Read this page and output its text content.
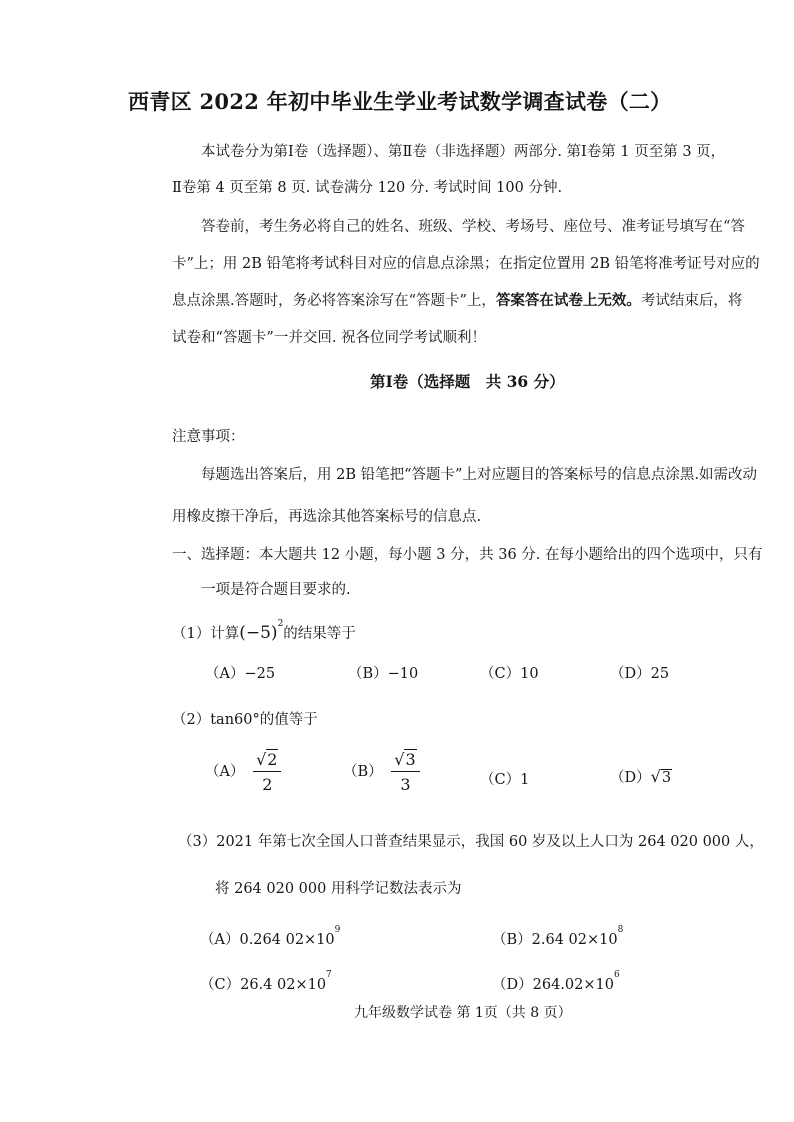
西青区 2022 年初中毕业生学业考试数学调查试卷（二）
本试卷分为第Ⅰ卷（选择题）、第Ⅱ卷（非选择题）两部分. 第Ⅰ卷第 1 页至第 3 页，
Ⅱ卷第 4 页至第 8 页. 试卷满分 120 分. 考试时间 100 分钟.
答卷前，考生务必将自己的姓名、班级、学校、考场号、座位号、准考证号填写在“答
卡”上；用 2B 铅笔将考试科目对应的信息点涂黑；在指定位置用 2B 铅笔将准考证号对应的
息点涂黑.答题时，务必将答案涂写在“答题卡”上，答案答在试卷上无效。考试结束后，将
试卷和“答题卡”一并交回. 祝各位同学考试顺利！
第Ⅰ卷（选择题　共 36 分）
注意事项：
每题选出答案后，用 2B 铅笔把“答题卡”上对应题目的答案标号的信息点涂黑.如需改动
用橡皮擦干净后，再选涂其他答案标号的信息点.
一、选择题：本大题共 12 小题，每小题 3 分，共 36 分. 在每小题给出的四个选项中，只有
一项是符合题目要求的.
（1）计算$(-5)^2$的结果等于
（A）−25	（B）−10	（C）10	（D）25
（2）tan60°的值等于
$(A) \frac{√2}{2}$	$(B) \frac{√3}{3}$	（C）1	（D）√3
（3）2021 年第七次全国人口普查结果显示，我国 60 岁及以上人口为 264 020 000 人，
将 264 020 000 用科学记数法表示为
（A）0.264 $02\times 10^9$
（B）2.64 $02\times 10^8$
（C）26.4 $02\times 10^7$
$(D)264.02\times 10^6$
九年级数学试卷 第 1页（共 8 页）
